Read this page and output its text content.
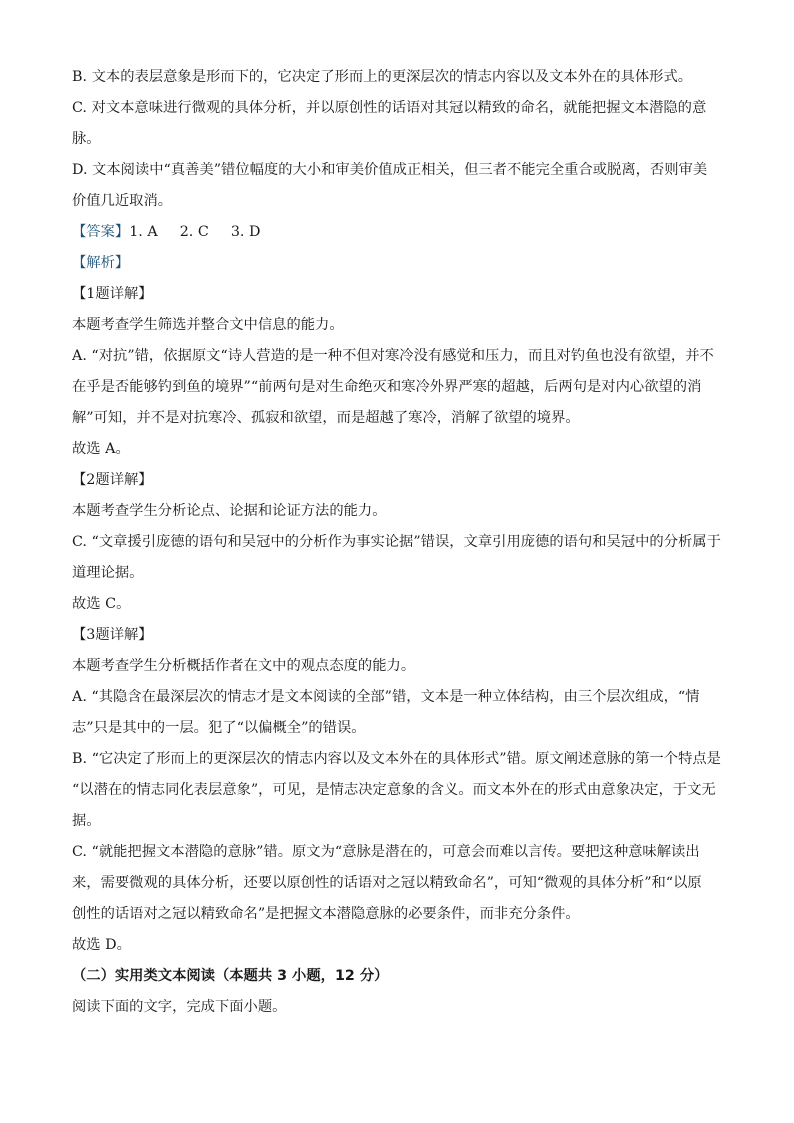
B. 文本的表层意象是形而下的，它决定了形而上的更深层次的情志内容以及文本外在的具体形式。
C. 对文本意味进行微观的具体分析，并以原创性的话语对其冠以精致的命名，就能把握文本潜隐的意
脉。
D. 文本阅读中“真善美”错位幅度的大小和审美价值成正相关，但三者不能完全重合或脱离，否则审美
价值几近取消。
【答案】1. A 2. C 3. D
【解析】
【1题详解】
本题考查学生筛选并整合文中信息的能力。
A. “对抗”错，依据原文“诗人营造的是一种不但对寒冷没有感觉和压力，而且对钓鱼也没有欲望，并不
在乎是否能够钓到鱼的境界”“前两句是对生命绝灭和寒冷外界严寒的超越，后两句是对内心欲望的消
解”可知，并不是对抗寒冷、孤寂和欲望，而是超越了寒冷，消解了欲望的境界。
故选 A。
【2题详解】
本题考查学生分析论点、论据和论证方法的能力。
C. “文章援引庞德的语句和吴冠中的分析作为事实论据”错误，文章引用庞德的语句和吴冠中的分析属于
道理论据。
故选 C。
【3题详解】
本题考查学生分析概括作者在文中的观点态度的能力。
A. “其隐含在最深层次的情志才是文本阅读的全部”错，文本是一种立体结构，由三个层次组成，“情
志”只是其中的一层。犯了“以偏概全”的错误。
B. “它决定了形而上的更深层次的情志内容以及文本外在的具体形式”错。原文阐述意脉的第一个特点是
“以潜在的情志同化表层意象”，可见，是情志决定意象的含义。而文本外在的形式由意象决定，于文无
据。
C. “就能把握文本潜隐的意脉”错。原文为“意脉是潜在的，可意会而难以言传。要把这种意味解读出
来，需要微观的具体分析，还要以原创性的话语对之冠以精致命名”，可知“微观的具体分析”和“以原
创性的话语对之冠以精致命名”是把握文本潜隐意脉的必要条件，而非充分条件。
故选 D。
（二）实用类文本阅读（本题共 3 小题，12 分）
阅读下面的文字，完成下面小题。
